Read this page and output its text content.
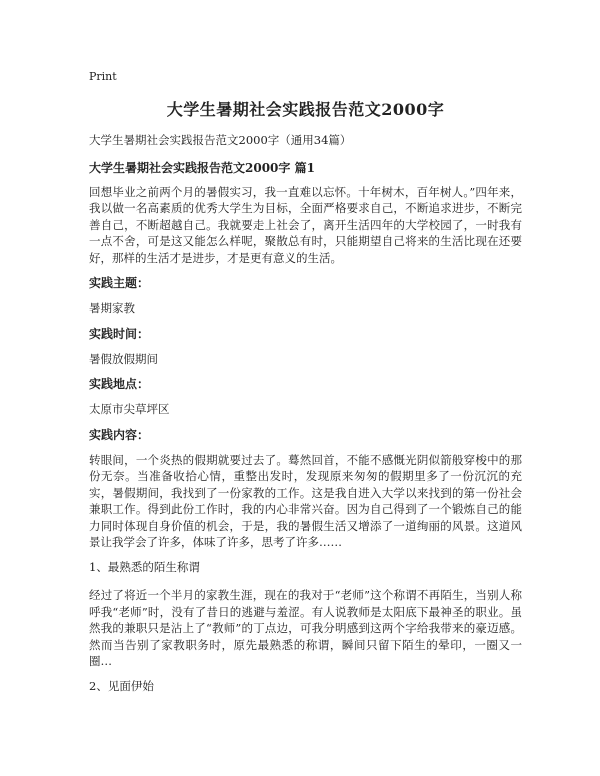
Print
大学生暑期社会实践报告范文2000字

大学生暑期社会实践报告范文2000字（通用34篇）

大学生暑期社会实践报告范文2000字 篇1

回想毕业之前两个月的暑假实习，我一直难以忘怀。十年树木，百年树人。”四年来，我以做一名高素质的优秀大学生为目标，全面严格要求自己，不断追求进步，不断完善自己，不断超越自己。我就要走上社会了，离开生活四年的大学校园了，一时我有一点不舍，可是这又能怎么样呢，聚散总有时，只能期望自己将来的生活比现在还要好，那样的生活才是进步，才是更有意义的生活。

实践主题：

暑期家教

实践时间：

暑假放假期间

实践地点：

太原市尖草坪区

实践内容：

转眼间，一个炎热的假期就要过去了。蓦然回首，不能不感慨光阴似箭般穿梭中的那份无奈。当准备收拾心情，重整出发时，发现原来匆匆的假期里多了一份沉沉的充实，暑假期间，我找到了一份家教的工作。这是我自进入大学以来找到的第一份社会兼职工作。得到此份工作时，我的内心非常兴奋。因为自己得到了一个锻炼自己的能力同时体现自身价值的机会，于是，我的暑假生活又增添了一道绚丽的风景。这道风景让我学会了许多，体味了许多，思考了许多……

1、最熟悉的陌生称谓

经过了将近一个半月的家教生涯，现在的我对于“老师”这个称谓不再陌生，当别人称呼我“老师”时，没有了昔日的逃避与羞涩。有人说教师是太阳底下最神圣的职业。虽然我的兼职只是沾上了“教师”的丁点边，可我分明感到这两个字给我带来的豪迈感。然而当告别了家教职务时，原先最熟悉的称谓，瞬间只留下陌生的晕印，一圈又一圈…

2、见面伊始
